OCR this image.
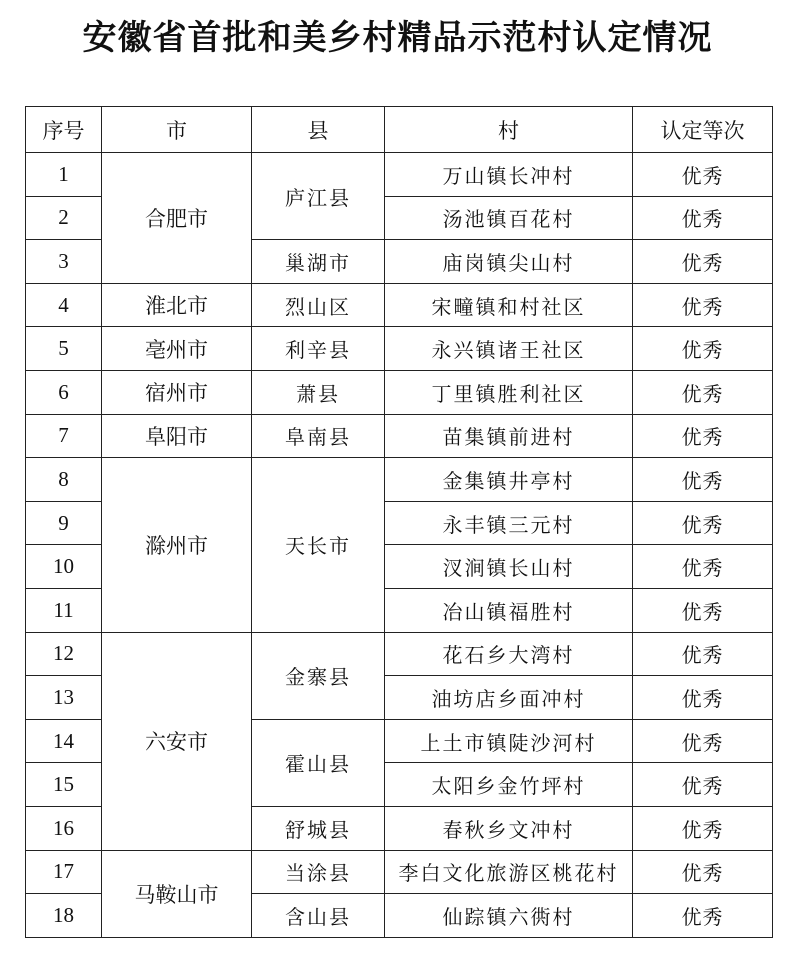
安徽省首批和美乡村精品示范村认定情况
序号	市	县	村	认定等次
1	合肥市	庐江县	万山镇长冲村	优秀
2			汤池镇百花村	优秀
3		巢湖市	庙岗镇尖山村	优秀
4	淮北市	烈山区	宋疃镇和村社区	优秀
5	亳州市	利辛县	永兴镇诸王社区	优秀
6	宿州市	萧县	丁里镇胜利社区	优秀
7	阜阳市	阜南县	苗集镇前进村	优秀
8	滁州市	天长市	金集镇井亭村	优秀
9			永丰镇三元村	优秀
10			汊涧镇长山村	优秀
11			冶山镇福胜村	优秀
12	六安市	金寨县	花石乡大湾村	优秀
13			油坊店乡面冲村	优秀
14		霍山县	上土市镇陡沙河村	优秀
15			太阳乡金竹坪村	优秀
16		舒城县	春秋乡文冲村	优秀
17	马鞍山市	当涂县	李白文化旅游区桃花村	优秀
18		含山县	仙踪镇六衖村	优秀
